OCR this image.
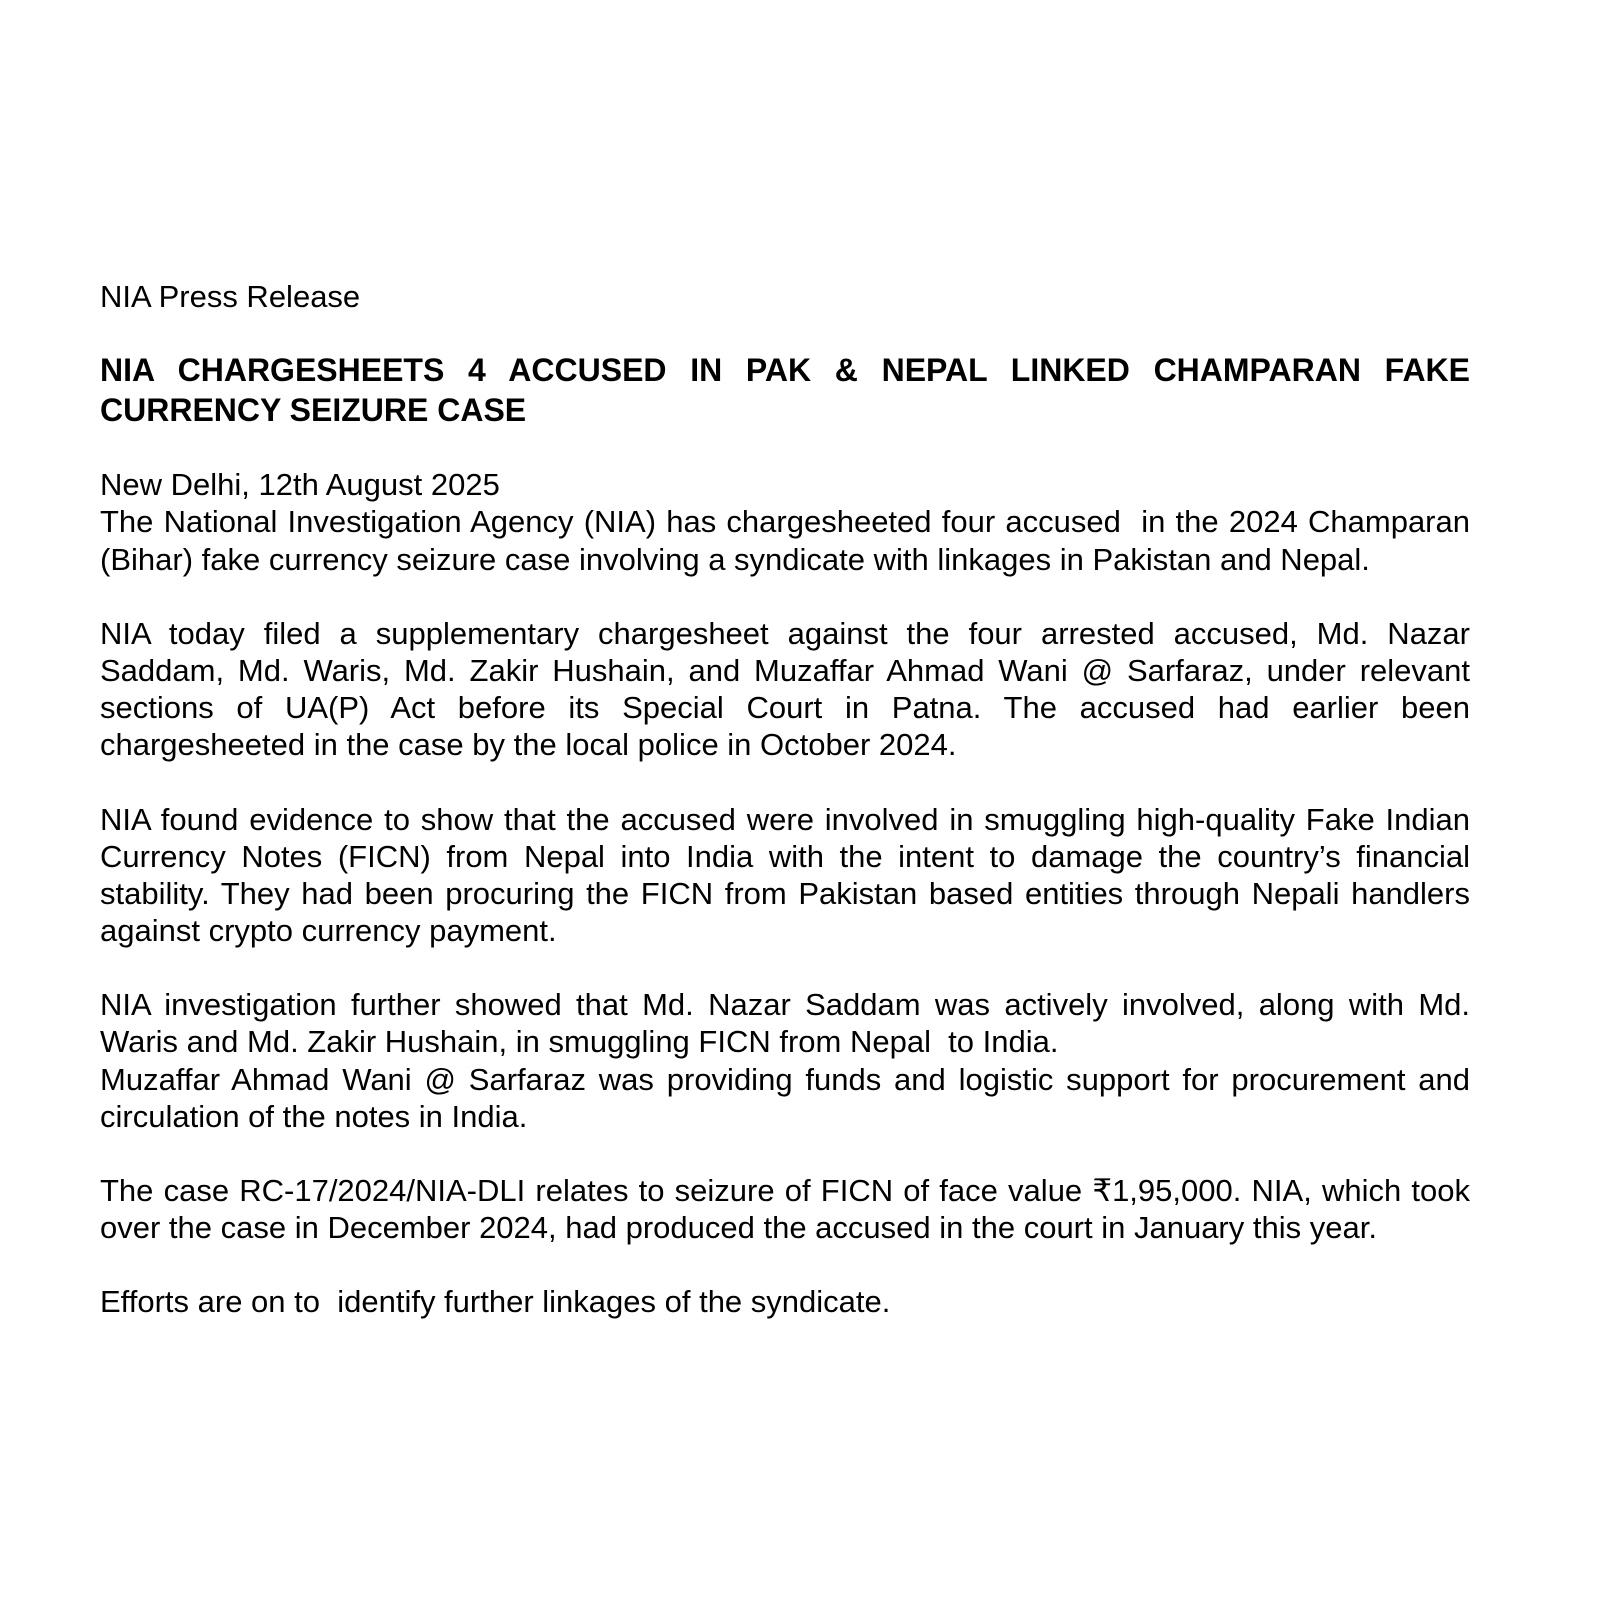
NIA Press Release

NIA CHARGESHEETS 4 ACCUSED IN PAK & NEPAL LINKED CHAMPARAN FAKE CURRENCY SEIZURE CASE

New Delhi, 12th August 2025

The National Investigation Agency (NIA) has chargesheeted four accused  in the 2024 Champaran (Bihar) fake currency seizure case involving a syndicate with linkages in Pakistan and Nepal.

NIA today filed a supplementary chargesheet against the four arrested accused, Md. Nazar Saddam, Md. Waris, Md. Zakir Hushain, and Muzaffar Ahmad Wani @ Sarfaraz, under relevant sections of UA(P) Act before its Special Court in Patna. The accused had earlier been chargesheeted in the case by the local police in October 2024.

NIA found evidence to show that the accused were involved in smuggling high-quality Fake Indian Currency Notes (FICN) from Nepal into India with the intent to damage the country’s financial stability. They had been procuring the FICN from Pakistan based entities through Nepali handlers against crypto currency payment.

NIA investigation further showed that Md. Nazar Saddam was actively involved, along with Md. Waris and Md. Zakir Hushain, in smuggling FICN from Nepal  to India.

Muzaffar Ahmad Wani @ Sarfaraz was providing funds and logistic support for procurement and circulation of the notes in India.

The case RC-17/2024/NIA-DLI relates to seizure of FICN of face value ₹1,95,000. NIA, which took over the case in December 2024, had produced the accused in the court in January this year.

Efforts are on to  identify further linkages of the syndicate.
